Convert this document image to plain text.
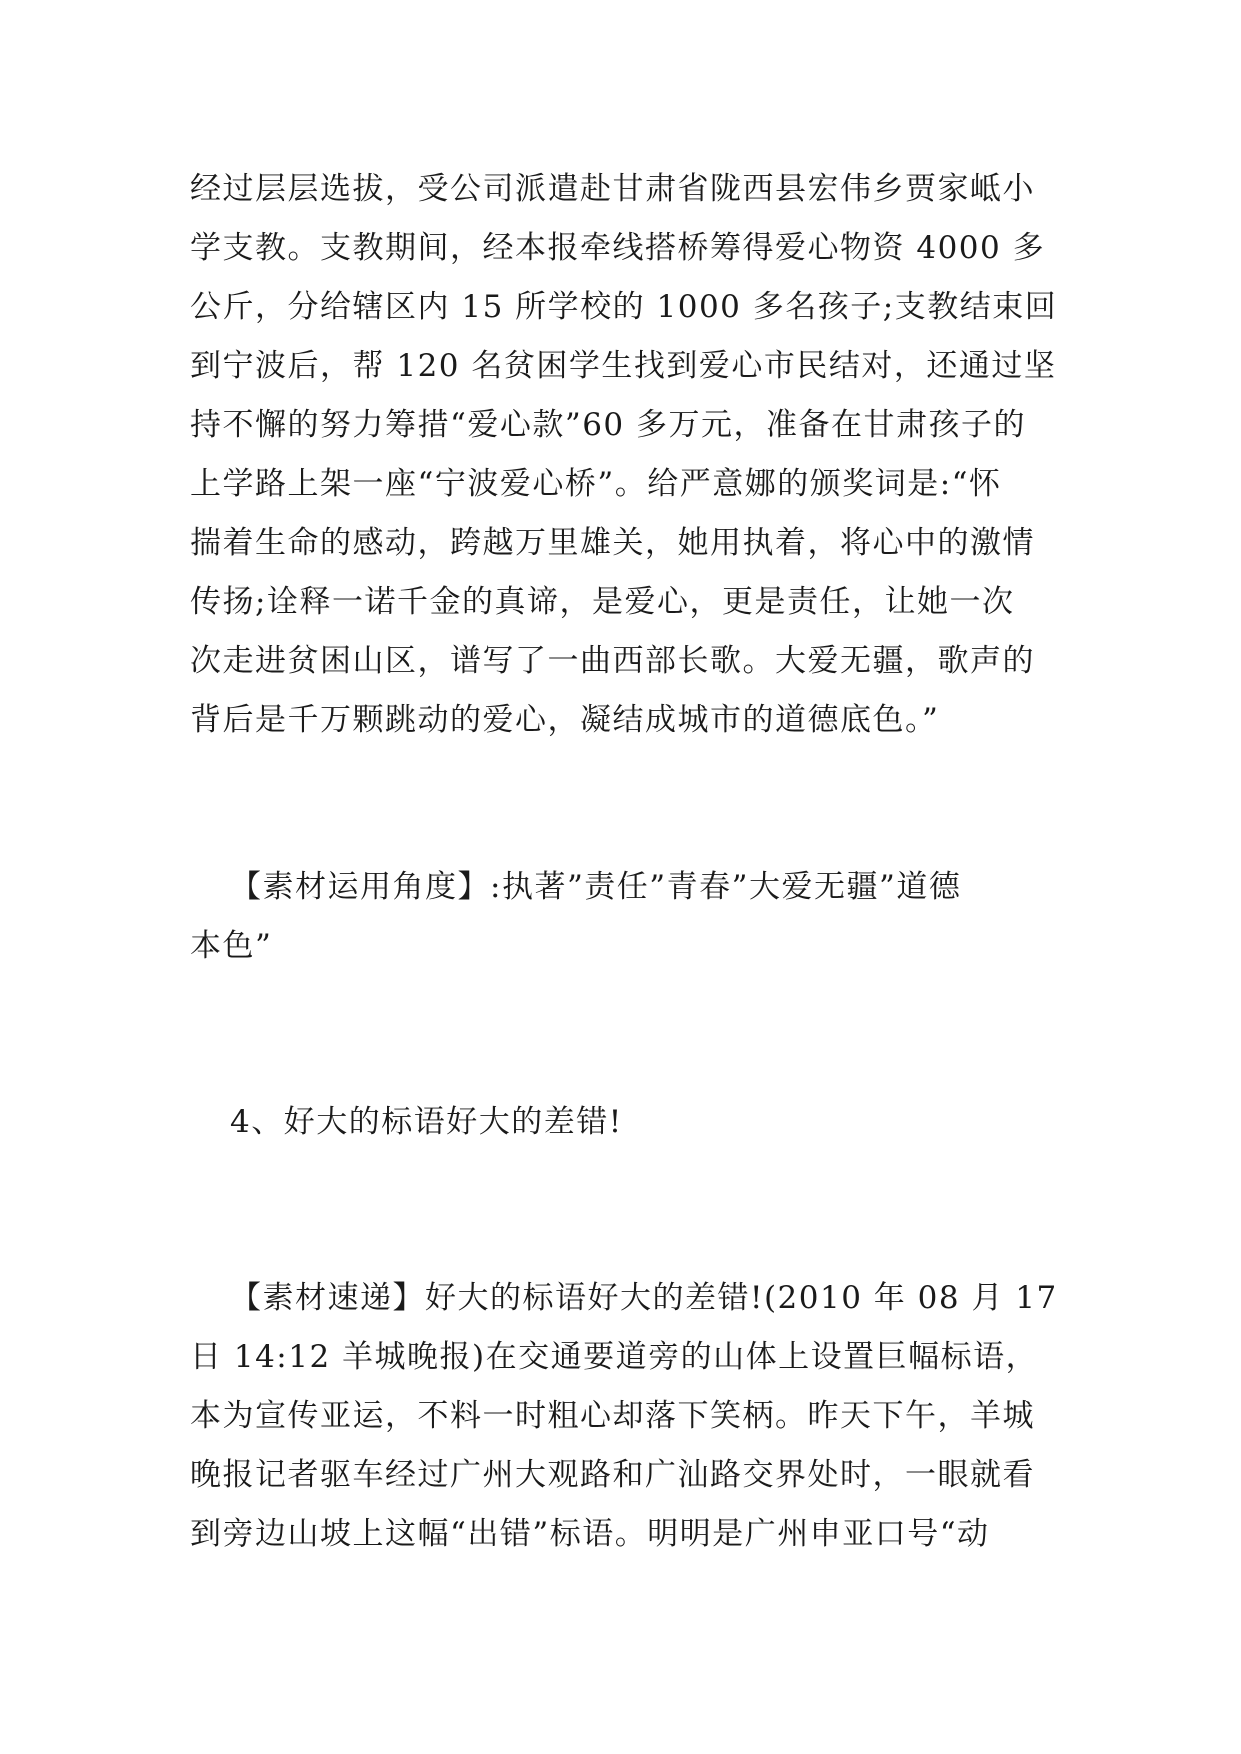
经过层层选拔，受公司派遣赴甘肃省陇西县宏伟乡贾家岻小
学支教。支教期间，经本报牵线搭桥筹得爱心物资 4000 多
公斤，分给辖区内 15 所学校的 1000 多名孩子;支教结束回
到宁波后，帮 120 名贫困学生找到爱心市民结对，还通过坚
持不懈的努力筹措“爱心款”60 多万元，准备在甘肃孩子的
上学路上架一座“宁波爱心桥”。给严意娜的颁奖词是:“怀
揣着生命的感动，跨越万里雄关，她用执着，将心中的激情
传扬;诠释一诺千金的真谛，是爱心，更是责任，让她一次
次走进贫困山区，谱写了一曲西部长歌。大爱无疆，歌声的
背后是千万颗跳动的爱心，凝结成城市的道德底色。”

【素材运用角度】:执著”责任”青春”大爱无疆”道德
本色”

4、好大的标语好大的差错!

【素材速递】好大的标语好大的差错!(2010 年 08 月 17
日 14:12 羊城晚报)在交通要道旁的山体上设置巨幅标语，
本为宣传亚运，不料一时粗心却落下笑柄。昨天下午，羊城
晚报记者驱车经过广州大观路和广汕路交界处时，一眼就看
到旁边山坡上这幅“出错”标语。明明是广州申亚口号“动
